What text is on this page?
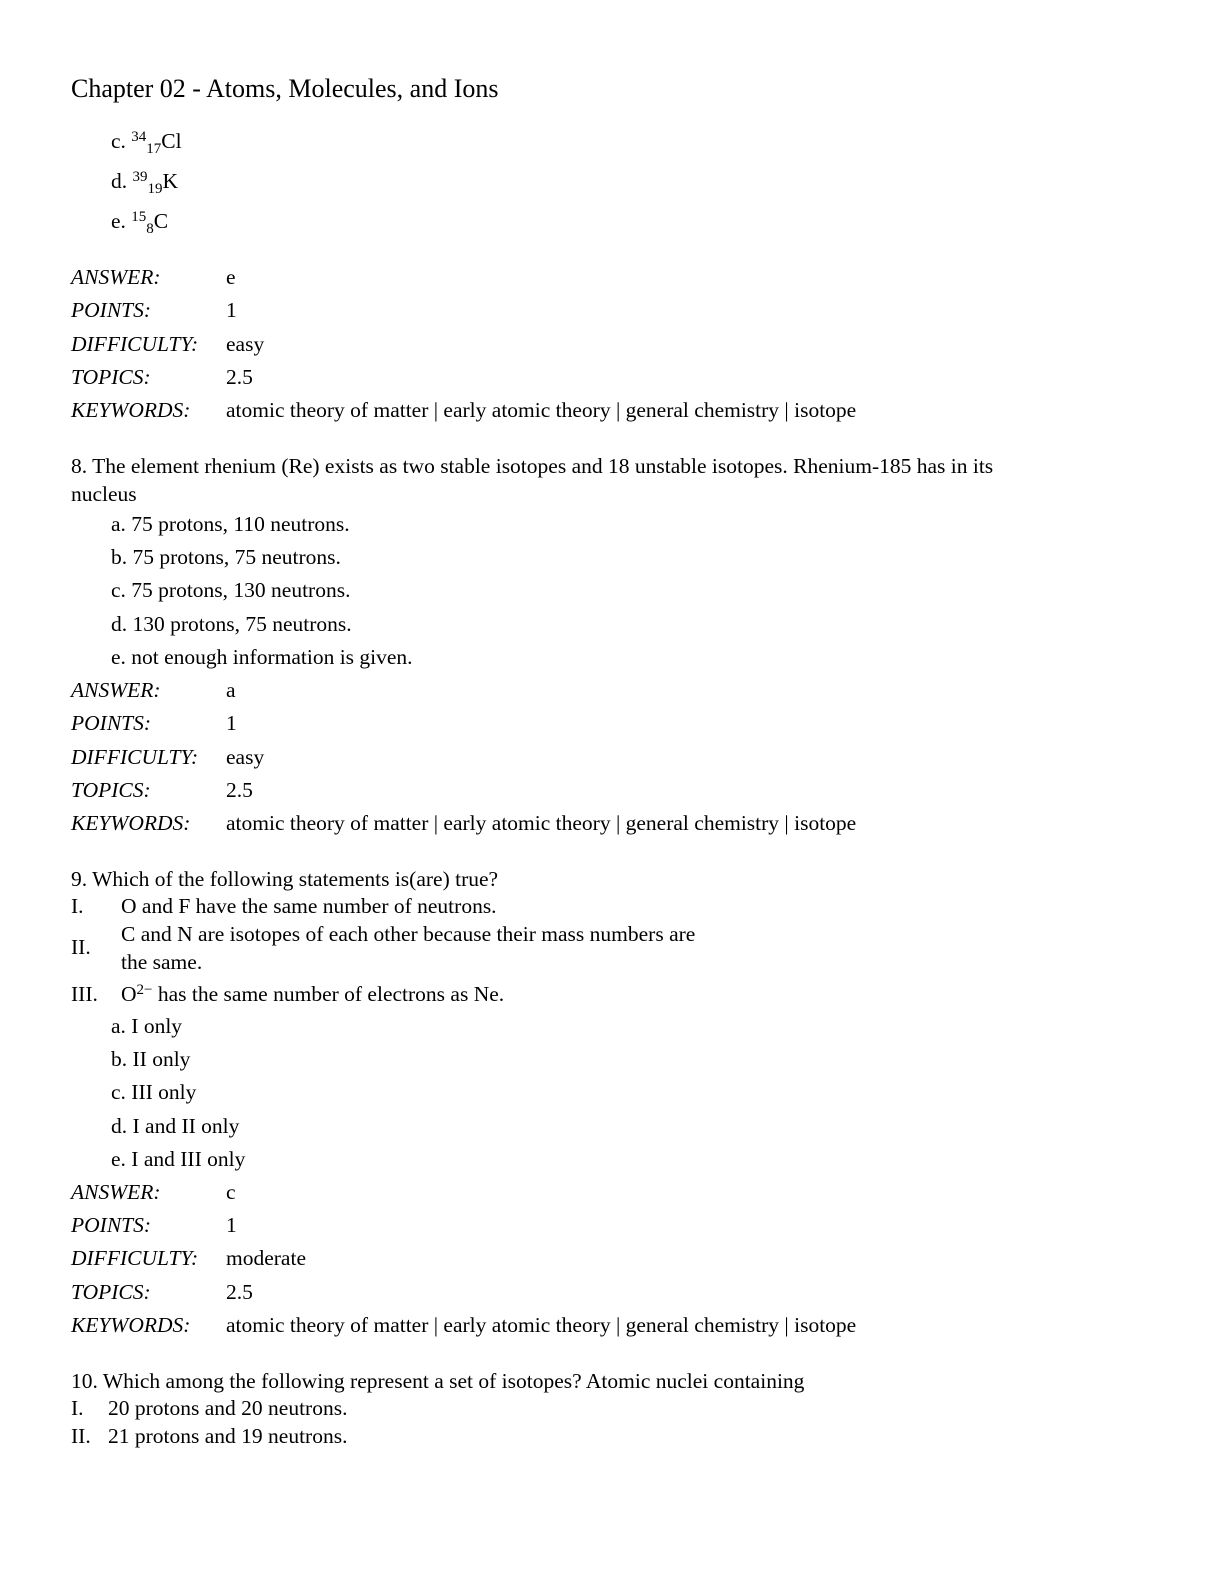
Chapter 02 - Atoms, Molecules, and Ions
c. $^{34}_{17}$Cl
d. $^{39}_{19}$K
e. $^{15}_8$C
ANSWER:	e
POINTS:	1
DIFFICULTY: easy
TOPICS:	2.5
KEYWORDS: atomic theory of matter | early atomic theory | general chemistry | isotope
8. The element rhenium (Re) exists as two stable isotopes and 18 unstable isotopes. Rhenium-185 has in its
nucleus
a. 75 protons, 110 neutrons.
b. 75 protons, 75 neutrons.
c. 75 protons, 130 neutrons.
d. 130 protons, 75 neutrons.
e. not enough information is given.
ANSWER:	a
POINTS:	1
DIFFICULTY: easy
TOPICS:	2.5
KEYWORDS: atomic theory of matter | early atomic theory | general chemistry | isotope
9. Which of the following statements is(are) true?
I. O and F have the same number of neutrons.
II.
C and N are isotopes of each other because their mass numbers are
the same.
III. $O^{2-}$ has the same number of electrons as Ne.
a. I only
b. II only
c. III only
d. I and II only
e. I and III only
ANSWER:	c
POINTS:	1
DIFFICULTY: moderate
TOPICS:	2.5
KEYWORDS: atomic theory of matter | early atomic theory | general chemistry | isotope
10. Which among the following represent a set of isotopes? Atomic nuclei containing
I. 20 protons and 20 neutrons.
II. 21 protons and 19 neutrons.
